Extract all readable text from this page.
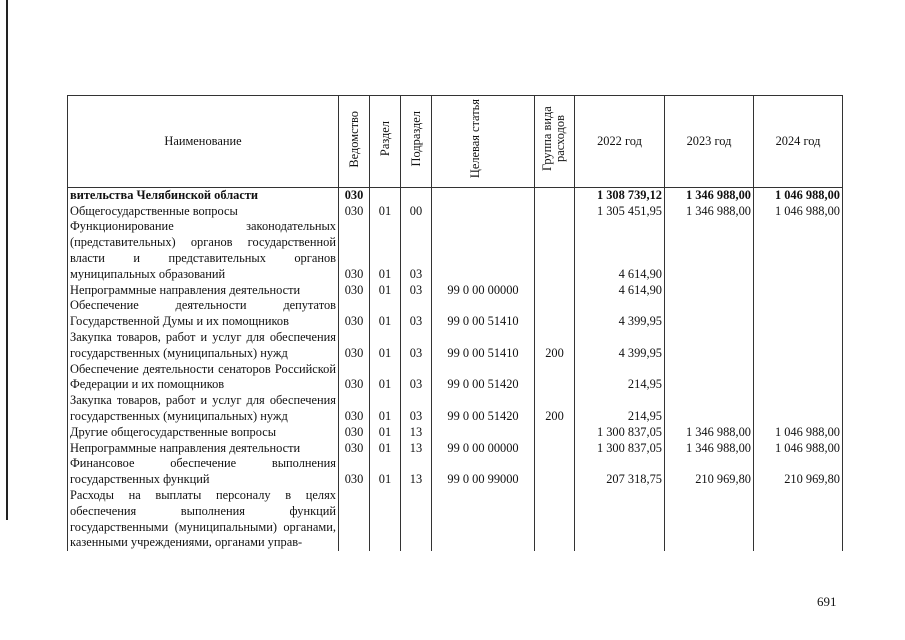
Наименование	Ведомство	Раздел	Подраздел	Целевая статья	Группа вида расходов	2022 год	2023 год	2024 год
вительства Челябинской области	030					1 308 739,12	1 346 988,00	1 046 988,00
Общегосударственные вопросы	030	01	00			1 305 451,95	1 346 988,00	1 046 988,00
Функционирование законодательных (представительных) органов государственной власти и представительных органов муниципальных образований	030	01	03			4 614,90		
Непрограммные направления деятельности	030	01	03	99 0 00 00000		4 614,90		
Обеспечение деятельности депутатов Государственной Думы и их помощников	030	01	03	99 0 00 51410		4 399,95		
Закупка товаров, работ и услуг для обеспечения государственных (муниципальных) нужд	030	01	03	99 0 00 51410	200	4 399,95		
Обеспечение деятельности сенаторов Российской Федерации и их помощников	030	01	03	99 0 00 51420		214,95		
Закупка товаров, работ и услуг для обеспечения государственных (муниципальных) нужд	030	01	03	99 0 00 51420	200	214,95		
Другие общегосударственные вопросы	030	01	13			1 300 837,05	1 346 988,00	1 046 988,00
Непрограммные направления деятельности	030	01	13	99 0 00 00000		1 300 837,05	1 346 988,00	1 046 988,00
Финансовое обеспечение выполнения государственных функций	030	01	13	99 0 00 99000		207 318,75	210 969,80	210 969,80
Расходы на выплаты персоналу в целях обеспечения выполнения функций государственными (муниципальными) органами, казенными учреждениями, органами управ-								
691
